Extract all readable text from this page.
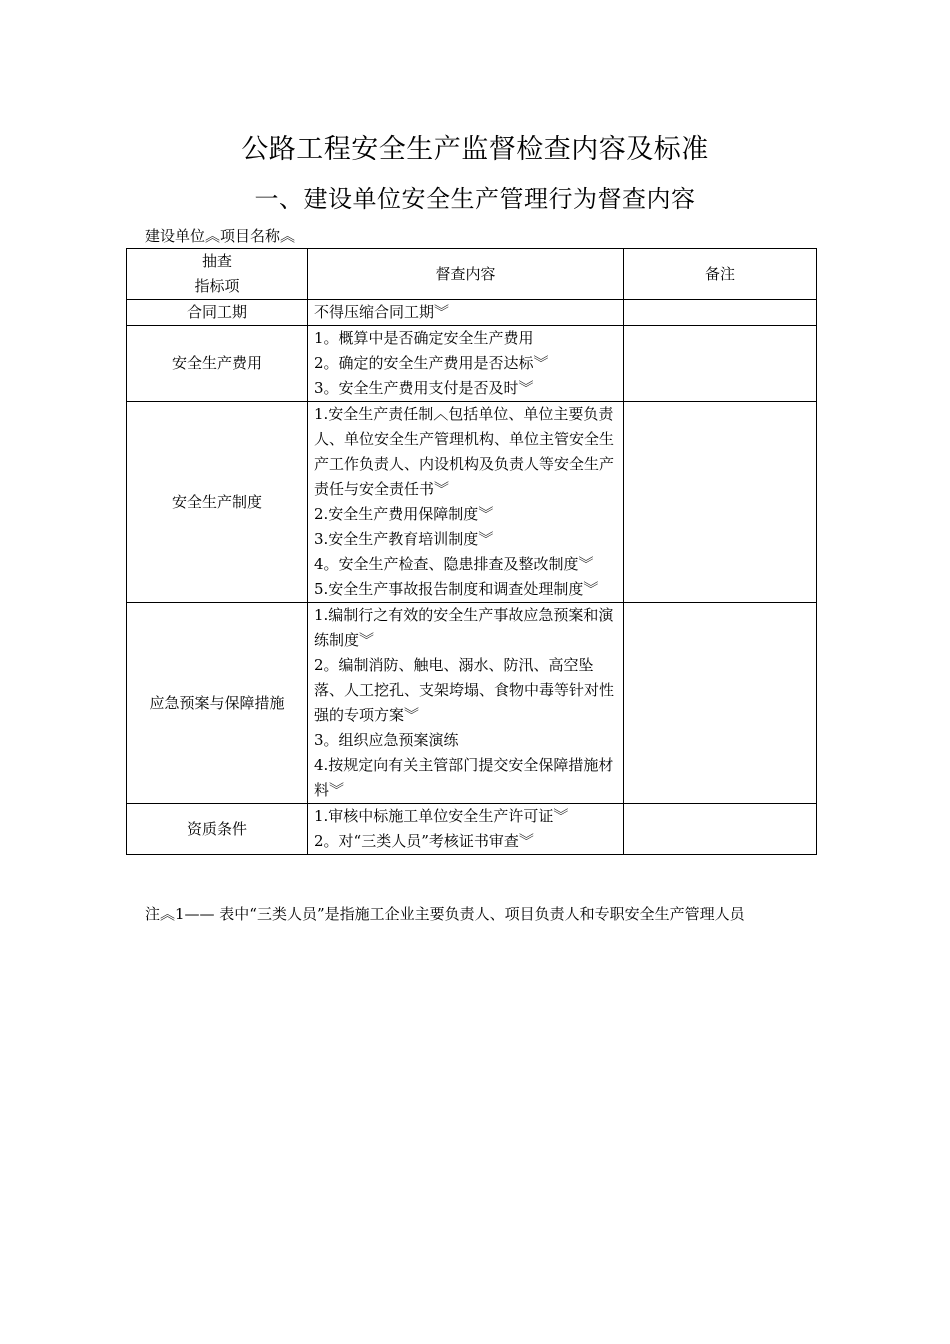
公路工程安全生产监督检查内容及标准
一、建设单位安全生产管理行为督查内容
建设单位︽项目名称︽
抽查
指标项	督查内容	备注
合同工期	不得压缩合同工期︾	

安全生产费用	1。概算中是否确定安全生产费用
2。确定的安全生产费用是否达标︾
3。安全生产费用支付是否及时︾	

安全生产制度	1.安全生产责任制︿包括单位、单位主要负责人、单位安全生产管理机构、单位主管安全生产工作负责人、内设机构及负责人等安全生产责任与安全责任书︾
2.安全生产费用保障制度︾
3.安全生产教育培训制度︾
4。安全生产检查、隐患排查及整改制度︾
5.安全生产事故报告制度和调查处理制度︾	

应急预案与保障措施	1.编制行之有效的安全生产事故应急预案和演练制度︾
2。编制消防、触电、溺水、防汛、高空坠落、人工挖孔、支架垮塌、食物中毒等针对性强的专项方案︾
3。组织应急预案演练
4.按规定向有关主管部门提交安全保障措施材料︾	

资质条件	1.审核中标施工单位安全生产许可证︾
2。对“三类人员”考核证书审查︾	

注︽1—— 表中“三类人员”是指施工企业主要负责人、项目负责人和专职安全生产管理人员
